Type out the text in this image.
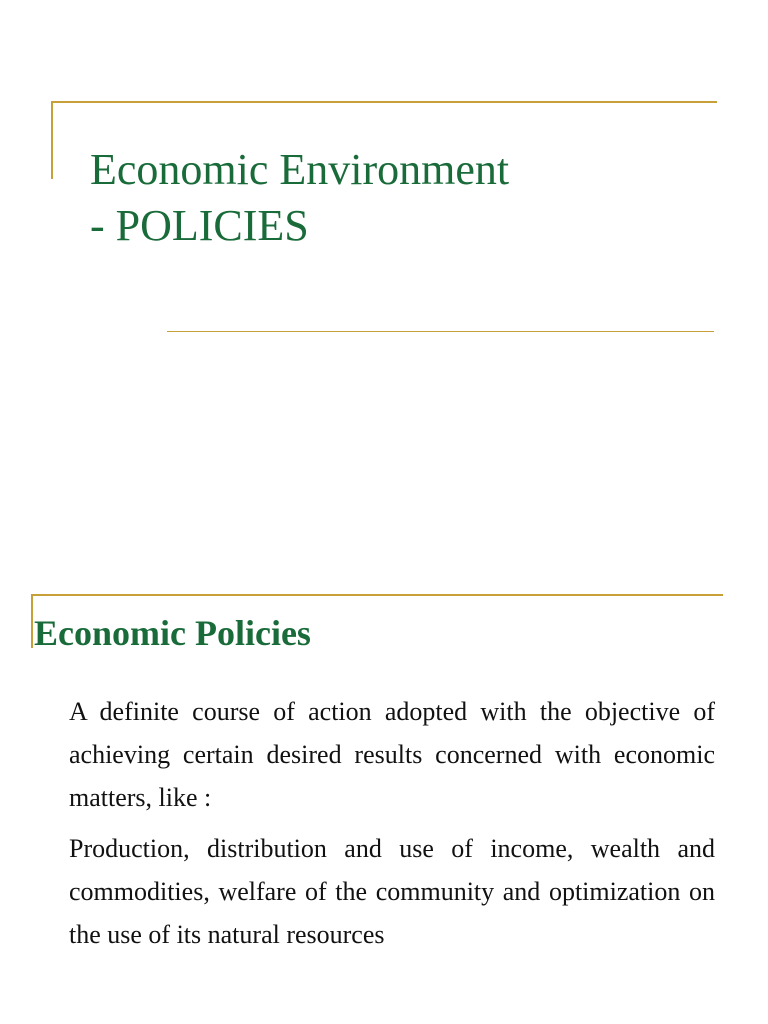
Economic Environment
- POLICIES
Economic Policies

A definite course of action adopted with the objective of achieving certain desired results concerned with economic matters, like :

Production, distribution and use of income, wealth and commodities, welfare of the community and optimization on the use of its natural resources
